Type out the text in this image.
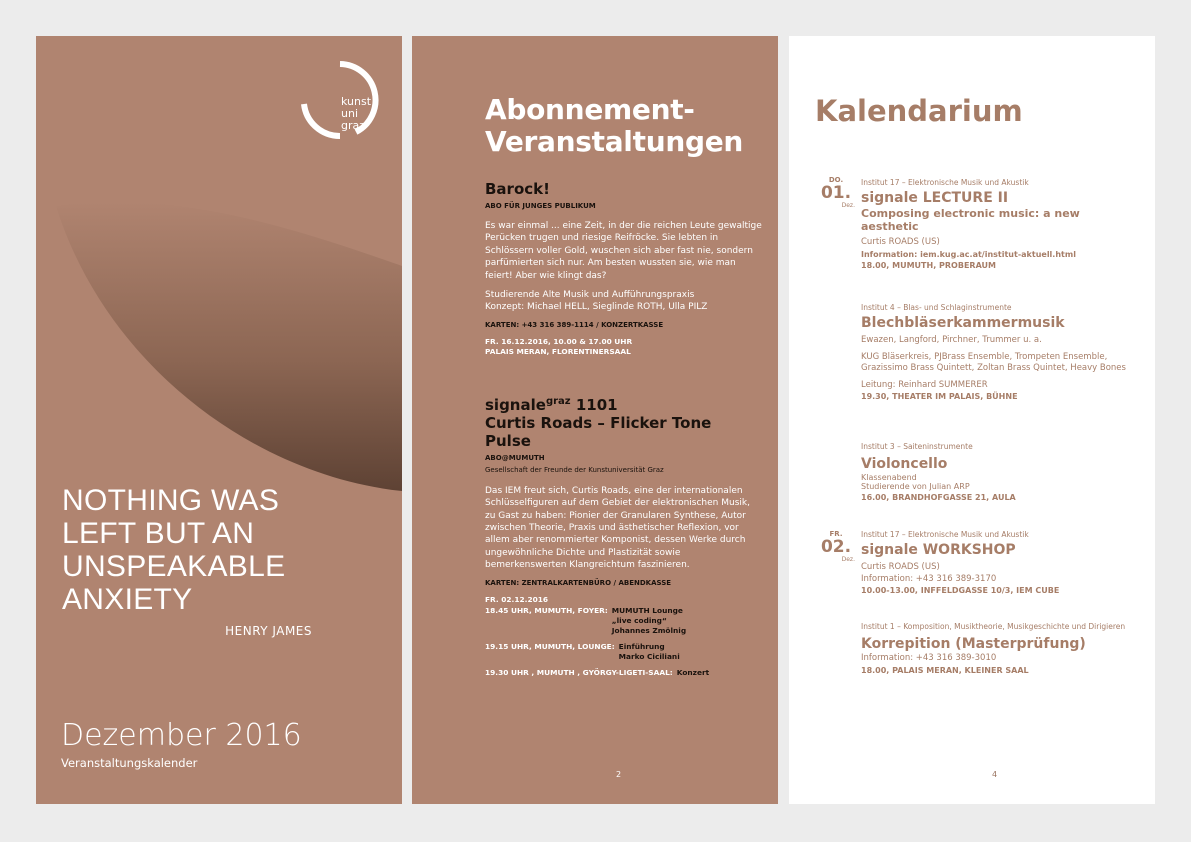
kunst
uni
graz
NOTHING WAS
LEFT BUT AN
UNSPEAKABLE
ANXIETY
HENRY JAMES
Dezember 2016
Veranstaltungskalender
Abonnement-
Veranstaltungen
Barock!
ABO FÜR JUNGES PUBLIKUM

Es war einmal ... eine Zeit, in der die reichen Leute gewaltige Perücken trugen und riesige Reifröcke. Sie lebten in Schlössern voller Gold, wuschen sich aber fast nie, sondern parfümierten sich nur. Am besten wussten sie, wie man feiert! Aber wie klingt das?

Studierende Alte Musik und Aufführungspraxis
Konzept: Michael HELL, Sieglinde ROTH, Ulla PILZ

KARTEN: +43 316 389-1114 / KONZERTKASSE
FR. 16.12.2016, 10.00 & 17.00 UHR
PALAIS MERAN, FLORENTINERSAAL
signale$^{graz}$ 1101
Curtis Roads – Flicker Tone
Pulse
ABO@MUMUTH
Gesellschaft der Freunde der Kunstuniversität Graz

Das IEM freut sich, Curtis Roads, eine der internationalen Schlüsselfiguren auf dem Gebiet der elektronischen Musik, zu Gast zu haben: Pionier der Granularen Synthese, Autor zwischen Theorie, Praxis und ästhetischer Reflexion, vor allem aber renommierter Komponist, dessen Werke durch ungewöhnliche Dichte und Plastizität sowie bemerkenswerten Klangreichtum faszinieren.

KARTEN: ZENTRALKARTENBÜRO / ABENDKASSE
FR. 02.12.2016
18.45 UHR, MUMUTH, FOYER: MUMUTH Lounge
„live coding“
Johannes Zmölnig
19.15 UHR, MUMUTH, LOUNGE: Einführung
Marko Ciciliani
19.30 UHR , MUMUTH , GYÖRGY-LIGETI-SAAL: Konzert
2
Kalendarium
DO.
01.
Dez.
Institut 17 – Elektronische Musik und Akustik
signale LECTURE II
Composing electronic music: a new aesthetic
Curtis ROADS (US)
Information: iem.kug.ac.at/institut-aktuell.html
18.00, MUMUTH, PROBERAUM
Institut 4 – Blas- und Schlaginstrumente
Blechbläserkammermusik
Ewazen, Langford, Pirchner, Trummer u. a.
KUG Bläserkreis, PJBrass Ensemble, Trompeten Ensemble, Grazissimo Brass Quintett, Zoltan Brass Quintet, Heavy Bones
Leitung: Reinhard SUMMERER
19.30, THEATER IM PALAIS, BÜHNE
Institut 3 – Saiteninstrumente
Violoncello
Klassenabend
Studierende von Julian ARP
16.00, BRANDHOFGASSE 21, AULA
FR.
02.
Dez.
Institut 17 – Elektronische Musik und Akustik
signale WORKSHOP
Curtis ROADS (US)
Information: +43 316 389-3170
10.00-13.00, INFFELDGASSE 10/3, IEM CUBE
Institut 1 – Komposition, Musiktheorie, Musikgeschichte und Dirigieren
Korrepition (Masterprüfung)
Information: +43 316 389-3010
18.00, PALAIS MERAN, KLEINER SAAL
4
